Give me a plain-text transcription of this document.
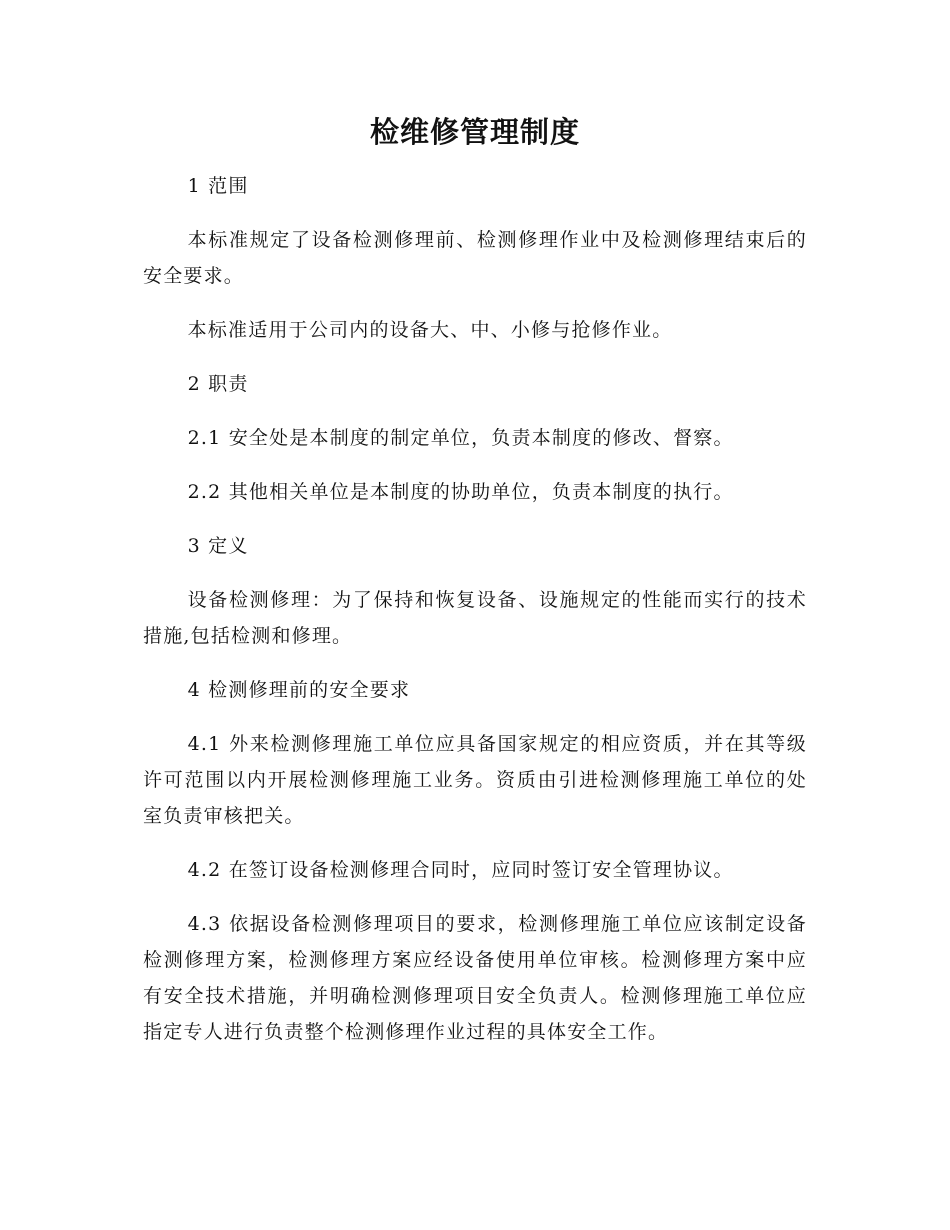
检维修管理制度

1 范围

本标准规定了设备检测修理前、检测修理作业中及检测修理结束后的安全要求。

本标准适用于公司内的设备大、中、小修与抢修作业。

2 职责

2.1 安全处是本制度的制定单位，负责本制度的修改、督察。

2.2 其他相关单位是本制度的协助单位，负责本制度的执行。

3 定义

设备检测修理：为了保持和恢复设备、设施规定的性能而实行的技术措施,包括检测和修理。

4 检测修理前的安全要求

4.1 外来检测修理施工单位应具备国家规定的相应资质，并在其等级许可范围以内开展检测修理施工业务。资质由引进检测修理施工单位的处室负责审核把关。

4.2 在签订设备检测修理合同时，应同时签订安全管理协议。

4.3 依据设备检测修理项目的要求，检测修理施工单位应该制定设备检测修理方案，检测修理方案应经设备使用单位审核。检测修理方案中应有安全技术措施，并明确检测修理项目安全负责人。检测修理施工单位应指定专人进行负责整个检测修理作业过程的具体安全工作。
